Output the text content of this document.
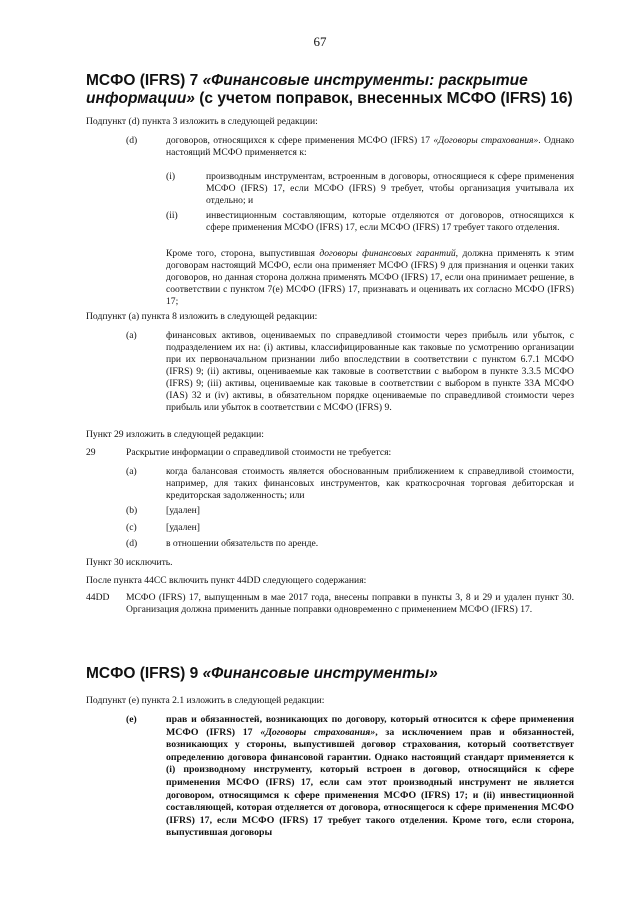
67
МСФО (IFRS) 7 «Финансовые инструменты: раскрытие информации» (с учетом поправок, внесенных МСФО (IFRS) 16)
Подпункт (d) пункта 3 изложить в следующей редакции:
(d)	договоров, относящихся к сфере применения МСФО (IFRS) 17 «Договоры страхования». Однако настоящий МСФО применяется к:
(i)	производным инструментам, встроенным в договоры, относящиеся к сфере применения МСФО (IFRS) 17, если МСФО (IFRS) 9 требует, чтобы организация учитывала их отдельно; и
(ii)	инвестиционным составляющим, которые отделяются от договоров, относящихся к сфере применения МСФО (IFRS) 17, если МСФО (IFRS) 17 требует такого отделения.
Кроме того, сторона, выпустившая договоры финансовых гарантий, должна применять к этим договорам настоящий МСФО, если она применяет МСФО (IFRS) 9 для признания и оценки таких договоров, но данная сторона должна применять МСФО (IFRS) 17, если она принимает решение, в соответствии с пунктом 7(e) МСФО (IFRS) 17, признавать и оценивать их согласно МСФО (IFRS) 17;
Подпункт (a) пункта 8 изложить в следующей редакции:
(a)	финансовых активов, оцениваемых по справедливой стоимости через прибыль или убыток, с подразделением их на: (i) активы, классифицированные как таковые по усмотрению организации при их первоначальном признании либо впоследствии в соответствии с пунктом 6.7.1 МСФО (IFRS) 9; (ii) активы, оцениваемые как таковые в соответствии с выбором в пункте 3.3.5 МСФО (IFRS) 9; (iii) активы, оцениваемые как таковые в соответствии с выбором в пункте 33А МСФО (IAS) 32 и (iv) активы, в обязательном порядке оцениваемые по справедливой стоимости через прибыль или убыток в соответствии с МСФО (IFRS) 9.
Пункт 29 изложить в следующей редакции:
29	Раскрытие информации о справедливой стоимости не требуется:
(a)	когда балансовая стоимость является обоснованным приближением к справедливой стоимости, например, для таких финансовых инструментов, как краткосрочная торговая дебиторская и кредиторская задолженность; или
(b)	[удален]
(c)	[удален]
(d)	в отношении обязательств по аренде.
Пункт 30 исключить.
После пункта 44CC включить пункт 44DD следующего содержания:
44DD МСФО (IFRS) 17, выпущенным в мае 2017 года, внесены поправки в пункты 3, 8 и 29 и удален пункт 30. Организация должна применить данные поправки одновременно с применением МСФО (IFRS) 17.
МСФО (IFRS) 9 «Финансовые инструменты»
Подпункт (e) пункта 2.1 изложить в следующей редакции:
(e)	прав и обязанностей, возникающих по договору, который относится к сфере применения МСФО (IFRS) 17 «Договоры страхования», за исключением прав и обязанностей, возникающих у стороны, выпустившей договор страхования, который соответствует определению договора финансовой гарантии. Однако настоящий стандарт применяется к (i) производному инструменту, который встроен в договор, относящийся к сфере применения МСФО (IFRS) 17, если сам этот производный инструмент не является договором, относящимся к сфере применения МСФО (IFRS) 17; и (ii) инвестиционной составляющей, которая отделяется от договора, относящегося к сфере применения МСФО (IFRS) 17, если МСФО (IFRS) 17 требует такого отделения. Кроме того, если сторона, выпустившая договоры
